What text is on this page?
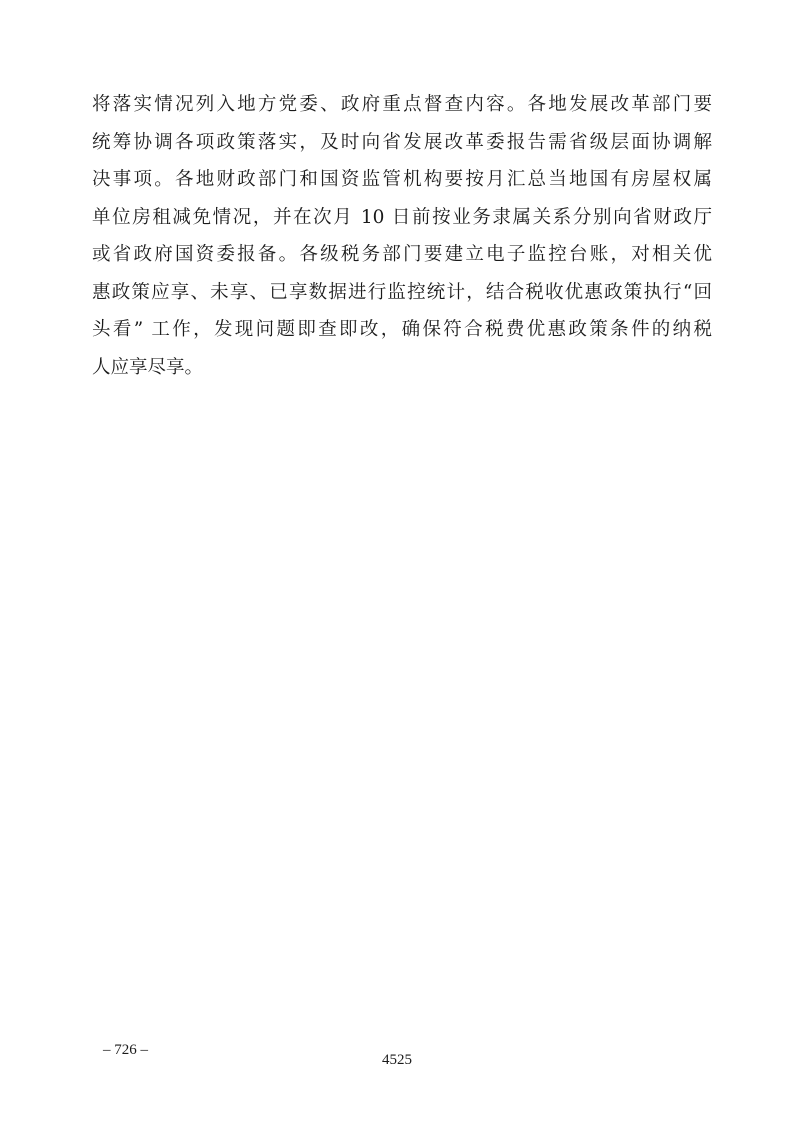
将落实情况列入地方党委、政府重点督查内容。各地发展改革部门要
统筹协调各项政策落实，及时向省发展改革委报告需省级层面协调解
决事项。各地财政部门和国资监管机构要按月汇总当地国有房屋权属
单位房租减免情况，并在次月 10 日前按业务隶属关系分别向省财政厅
或省政府国资委报备。各级税务部门要建立电子监控台账，对相关优
惠政策应享、未享、已享数据进行监控统计，结合税收优惠政策执行“回
头看” 工作，发现问题即查即改，确保符合税费优惠政策条件的纳税
人应享尽享。
– 726 –
4525
